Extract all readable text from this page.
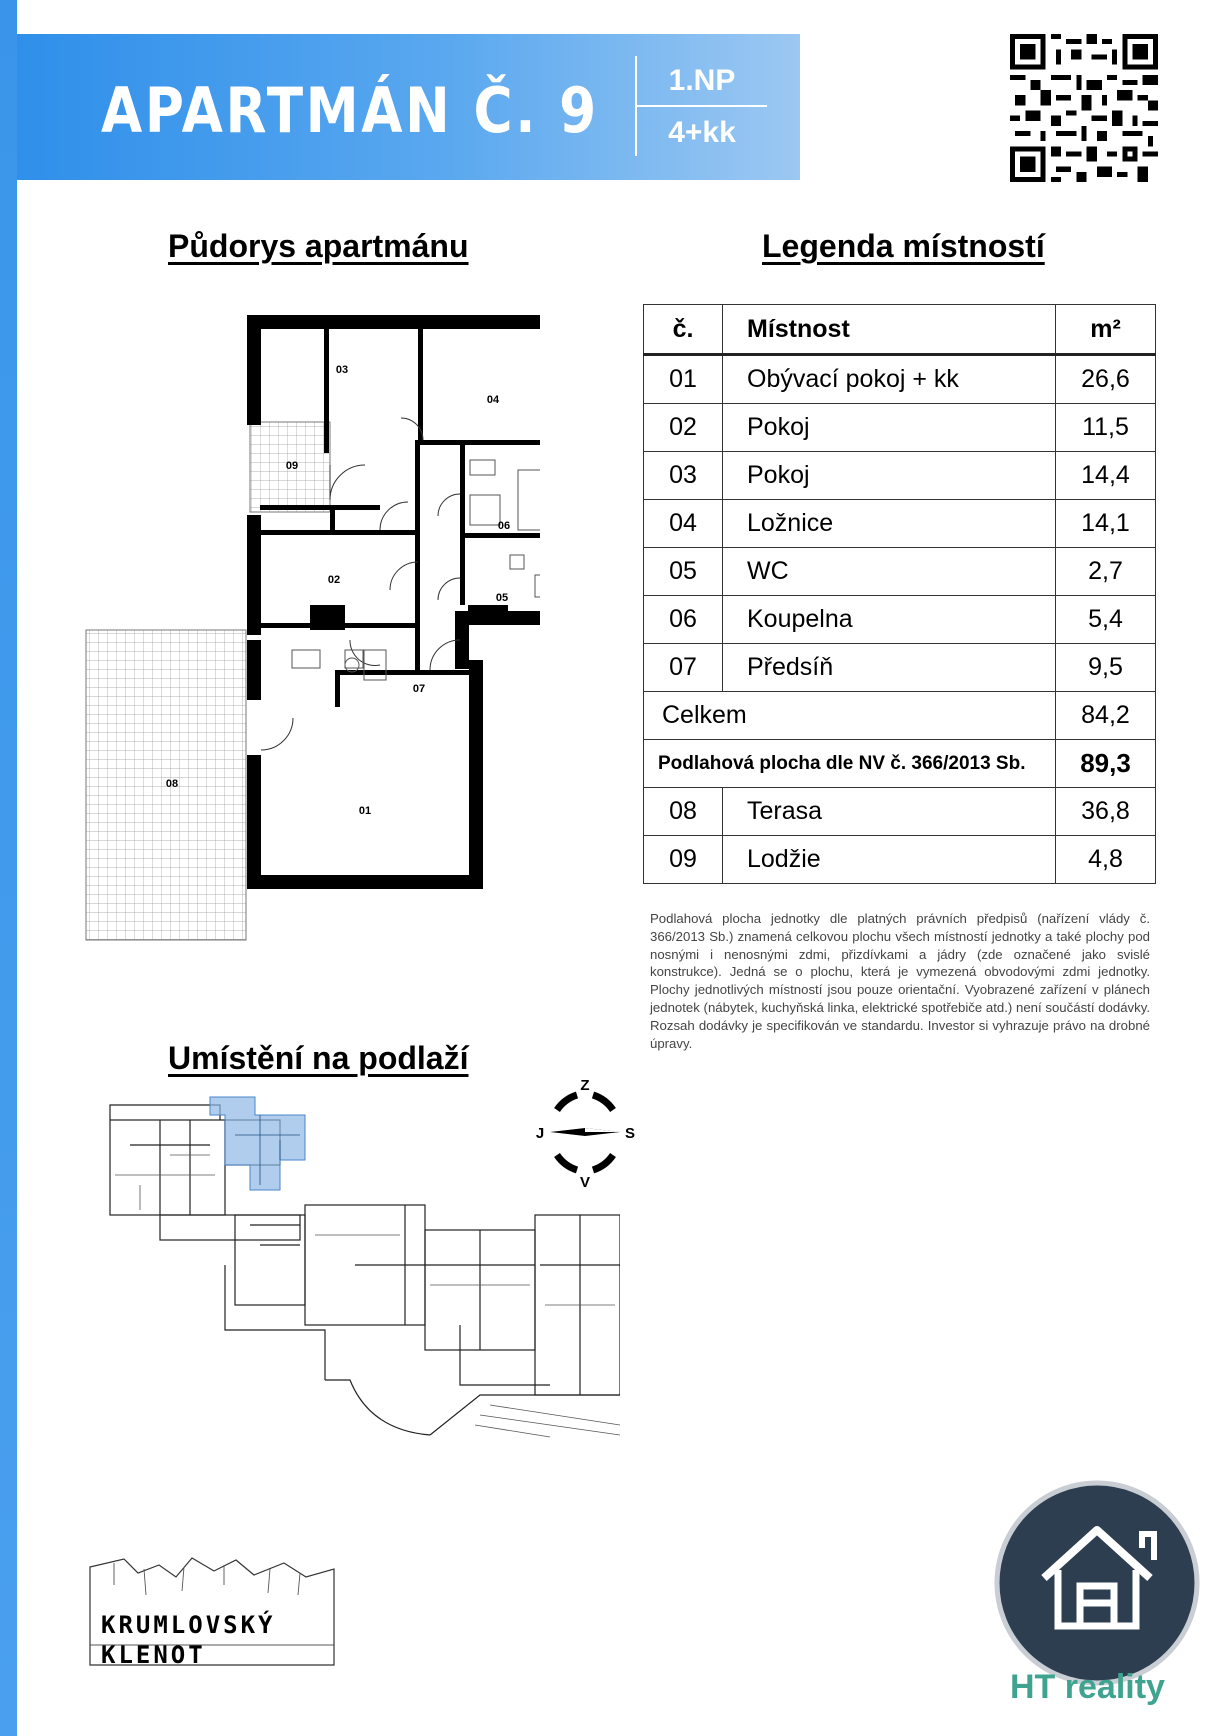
APARTMÁN Č. 9	1.NP
4+kk
Půdorys apartmánu	Legenda místností
03
04
09
06
02
05
07
08
01
č.	Místnost	m²
01	Obývací pokoj + kk	26,6
02	Pokoj	11,5
03	Pokoj	14,4
04	Ložnice	14,1
05	WC	2,7
06	Koupelna	5,4
07	Předsíň	9,5
Celkem		84,2
Podlahová plocha dle NV č. 366/2013 Sb.		89,3
08	Terasa	36,8
09	Lodžie	4,8
Podlahová plocha jednotky dle platných právních předpisů (nařízení vlády č. 366/2013 Sb.) znamená celkovou plochu všech místností jednotky a také plochy pod nosnými i nenosnými zdmi, přizdívkami a jádry (zde označené jako svislé konstrukce). Jedná se o plochu, která je vymezená obvodovými zdmi jednotky. Plochy jednotlivých místností jsou pouze orientační. Vyobrazené zařízení v plánech jednotek (nábytek, kuchyňská linka, elektrické spotřebiče atd.) není součástí dodávky. Rozsah dodávky je specifikován ve standardu. Investor si vyhrazuje právo na drobné úpravy.
Umístění na podlaží
Z
V
J	S
KRUMLOVSKÝ
KLENOT
HT reality
